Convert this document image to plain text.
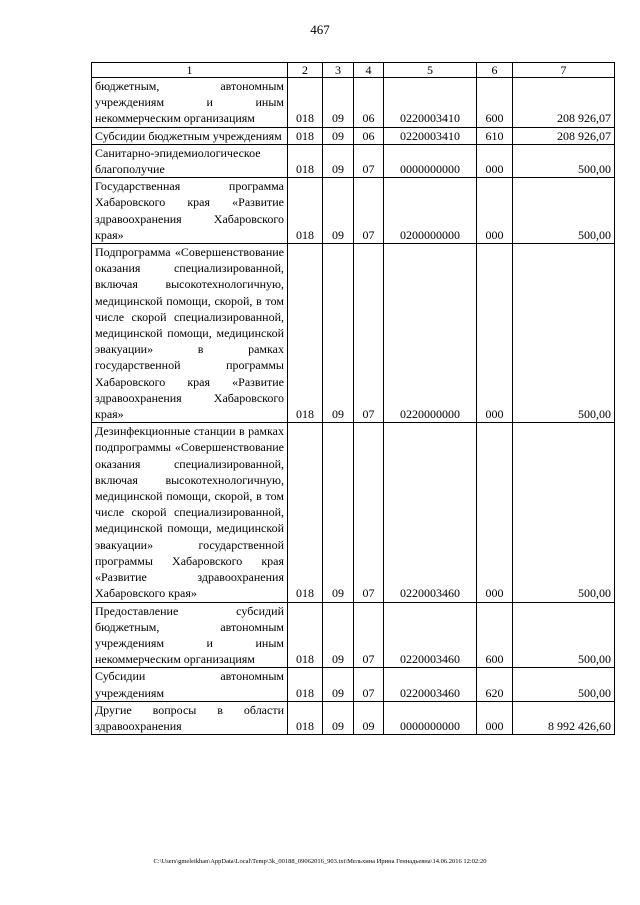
467
1	2	3	4	5	6	7
бюджетным, автономным учреждениям и иным некоммерческим организациям	018	09	06	0220003410	600	208 926,07
Субсидии бюджетным учреждениям	018	09	06	0220003410	610	208 926,07
Санитарно-эпидемиологическое благополучие	018	09	07	0000000000	000	500,00
Государственная программа Хабаровского края «Развитие здравоохранения Хабаровского края»	018	09	07	0200000000	000	500,00
Подпрограмма «Совершенствование оказания специализированной, включая высокотехнологичную, медицинской помощи, скорой, в том числе скорой специализированной, медицинской помощи, медицинской эвакуации» в рамках государственной программы Хабаровского края «Развитие здравоохранения Хабаровского края»	018	09	07	0220000000	000	500,00
Дезинфекционные станции в рамках подпрограммы «Совершенствование оказания специализированной, включая высокотехнологичную, медицинской помощи, скорой, в том числе скорой специализированной, медицинской помощи, медицинской эвакуации» государственной программы Хабаровского края «Развитие здравоохранения Хабаровского края»	018	09	07	0220003460	000	500,00
Предоставление субсидий бюджетным, автономным учреждениям и иным некоммерческим организациям	018	09	07	0220003460	600	500,00
Субсидии автономным учреждениям	018	09	07	0220003460	620	500,00
Другие вопросы в области здравоохранения	018	09	09	0000000000	000	8 992 426,60
C:\Users\gmeleikhan\AppData\Local\Temp\3k_00188_09062016_903.txt\Мельхина Ирина Геннадьевна\14.06.2016 12:02:20
